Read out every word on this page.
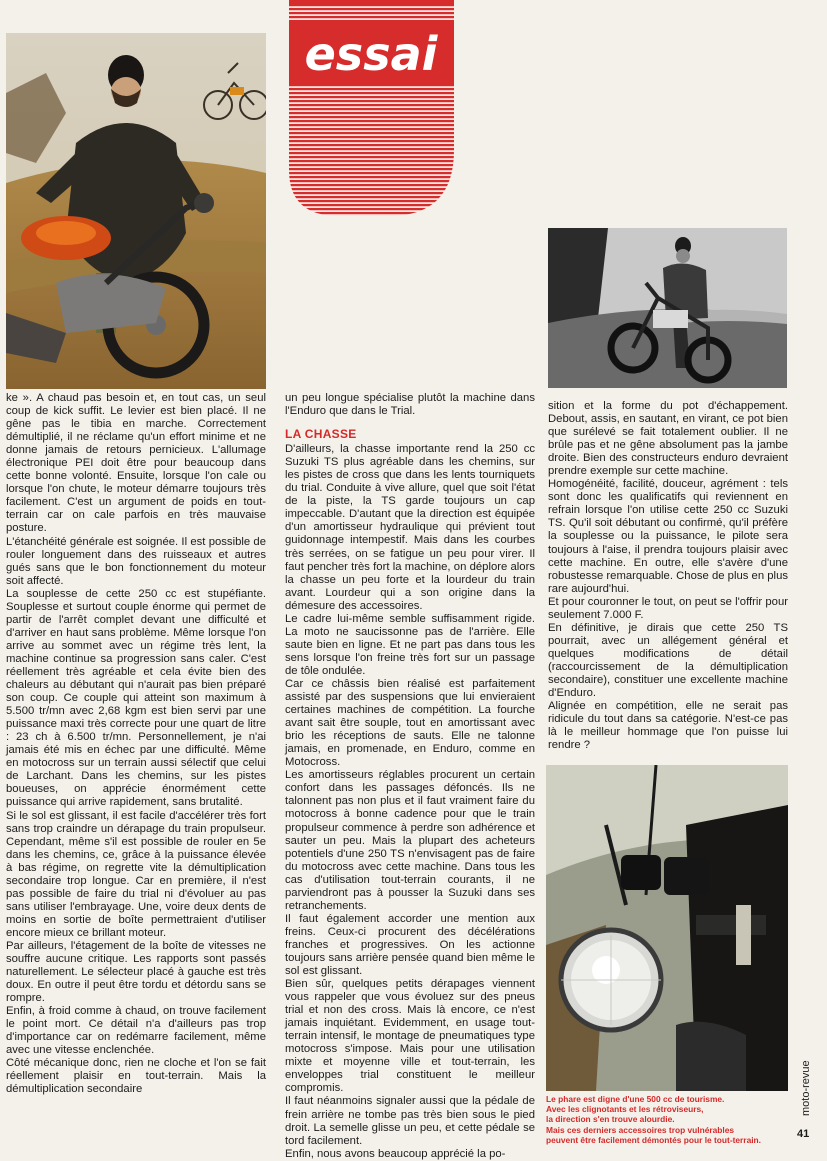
essai

ke ». A chaud pas besoin et, en tout cas, un seul coup de kick suffit. Le levier est bien placé. Il ne gêne pas le tibia en marche. Correctement démultiplié, il ne réclame qu'un effort minime et ne donne jamais de retours pernicieux. L'allumage électronique PEI doit être pour beaucoup dans cette bonne volonté. Ensuite, lorsque l'on cale ou lorsque l'on chute, le moteur démarre toujours très facilement. C'est un argument de poids en tout-terrain car on cale parfois en très mauvaise posture.

L'étanchéité générale est soignée. Il est possible de rouler longuement dans des ruisseaux et autres gués sans que le bon fonctionnement du moteur soit affecté.

La souplesse de cette 250 cc est stupéfiante. Souplesse et surtout couple énorme qui permet de partir de l'arrêt complet devant une difficulté et d'arriver en haut sans problème. Même lorsque l'on arrive au sommet avec un régime très lent, la machine continue sa progression sans caler. C'est réellement très agréable et cela évite bien des chaleurs au débutant qui n'aurait pas bien préparé son coup. Ce couple qui atteint son maximum à 5.500 tr/mn avec 2,68 kgm est bien servi par une puissance maxi très correcte pour une quart de litre : 23 ch à 6.500 tr/mn. Personnellement, je n'ai jamais été mis en échec par une difficulté. Même en motocross sur un terrain aussi sélectif que celui de Larchant. Dans les chemins, sur les pistes boueuses, on apprécie énormément cette puissance qui arrive rapidement, sans brutalité.

Si le sol est glissant, il est facile d'accélérer très fort sans trop craindre un dérapage du train propulseur. Cependant, même s'il est possible de rouler en 5e dans les chemins, ce, grâce à la puissance élevée à bas régime, on regrette vite la démultiplication secondaire trop longue. Car en première, il n'est pas possible de faire du trial ni d'évoluer au pas sans utiliser l'embrayage. Une, voire deux dents de moins en sortie de boîte permettraient d'utiliser encore mieux ce brillant moteur.

Par ailleurs, l'étagement de la boîte de vitesses ne souffre aucune critique. Les rapports sont passés naturellement. Le sélecteur placé à gauche est très doux. En outre il peut être tordu et détordu sans se rompre.

Enfin, à froid comme à chaud, on trouve facilement le point mort. Ce détail n'a d'ailleurs pas trop d'importance car on redémarre facilement, même avec une vitesse enclenchée.

Côté mécanique donc, rien ne cloche et l'on se fait réellement plaisir en tout-terrain. Mais la démultiplication secondaire

un peu longue spécialise plutôt la machine dans l'Enduro que dans le Trial.

LA CHASSE

D'ailleurs, la chasse importante rend la 250 cc Suzuki TS plus agréable dans les chemins, sur les pistes de cross que dans les lents tourniquets du trial. Conduite à vive allure, quel que soit l'état de la piste, la TS garde toujours un cap impeccable. D'autant que la direction est équipée d'un amortisseur hydraulique qui prévient tout guidonnage intempestif. Mais dans les courbes très serrées, on se fatigue un peu pour virer. Il faut pencher très fort la machine, on déplore alors la chasse un peu forte et la lourdeur du train avant. Lourdeur qui a son origine dans la démesure des accessoires.

Le cadre lui-même semble suffisamment rigide. La moto ne saucissonne pas de l'arrière. Elle saute bien en ligne. Et ne part pas dans tous les sens lorsque l'on freine très fort sur un passage de tôle ondulée.

Car ce châssis bien réalisé est parfaitement assisté par des suspensions que lui envieraient certaines machines de compétition. La fourche avant sait être souple, tout en amortissant avec brio les réceptions de sauts. Elle ne talonne jamais, en promenade, en Enduro, comme en Motocross.

Les amortisseurs réglables procurent un certain confort dans les passages défoncés. Ils ne talonnent pas non plus et il faut vraiment faire du motocross à bonne cadence pour que le train propulseur commence à perdre son adhérence et sauter un peu. Mais la plupart des acheteurs potentiels d'une 250 TS n'envisagent pas de faire du motocross avec cette machine. Dans tous les cas d'utilisation tout-terrain courants, il ne parviendront pas à pousser la Suzuki dans ses retranchements.

Il faut également accorder une mention aux freins. Ceux-ci procurent des décélérations franches et progressives. On les actionne toujours sans arrière pensée quand bien même le sol est glissant.

Bien sûr, quelques petits dérapages viennent vous rappeler que vous évoluez sur des pneus trial et non des cross. Mais là encore, ce n'est jamais inquiétant. Evidemment, en usage tout-terrain intensif, le montage de pneumatiques type motocross s'impose. Mais pour une utilisation mixte et moyenne ville et tout-terrain, les enveloppes trial constituent le meilleur compromis.

Il faut néanmoins signaler aussi que la pédale de frein arrière ne tombe pas très bien sous le pied droit. La semelle glisse un peu, et cette pédale se tord facilement.

Enfin, nous avons beaucoup apprécié la po-

sition et la forme du pot d'échappement. Debout, assis, en sautant, en virant, ce pot bien que surélevé se fait totalement oublier. Il ne brûle pas et ne gêne absolument pas la jambe droite. Bien des constructeurs enduro devraient prendre exemple sur cette machine.

Homogénéité, facilité, douceur, agrément : tels sont donc les qualificatifs qui reviennent en refrain lorsque l'on utilise cette 250 cc Suzuki TS. Qu'il soit débutant ou confirmé, qu'il préfère la souplesse ou la puissance, le pilote sera toujours à l'aise, il prendra toujours plaisir avec cette machine. En outre, elle s'avère d'une robustesse remarquable. Chose de plus en plus rare aujourd'hui.

Et pour couronner le tout, on peut se l'offrir pour seulement 7.000 F.

En définitive, je dirais que cette 250 TS pourrait, avec un allégement général et quelques modifications de détail (raccourcissement de la démultiplication secondaire), constituer une excellente machine d'Enduro.

Alignée en compétition, elle ne serait pas ridicule du tout dans sa catégorie. N'est-ce pas là le meilleur hommage que l'on puisse lui rendre ?

Le phare est digne d'une 500 cc de tourisme.
Avec les clignotants et les rétroviseurs,
la direction s'en trouve alourdie.
Mais ces derniers accessoires trop vulnérables
peuvent être facilement démontés pour le tout-terrain.
moto-revue
41
